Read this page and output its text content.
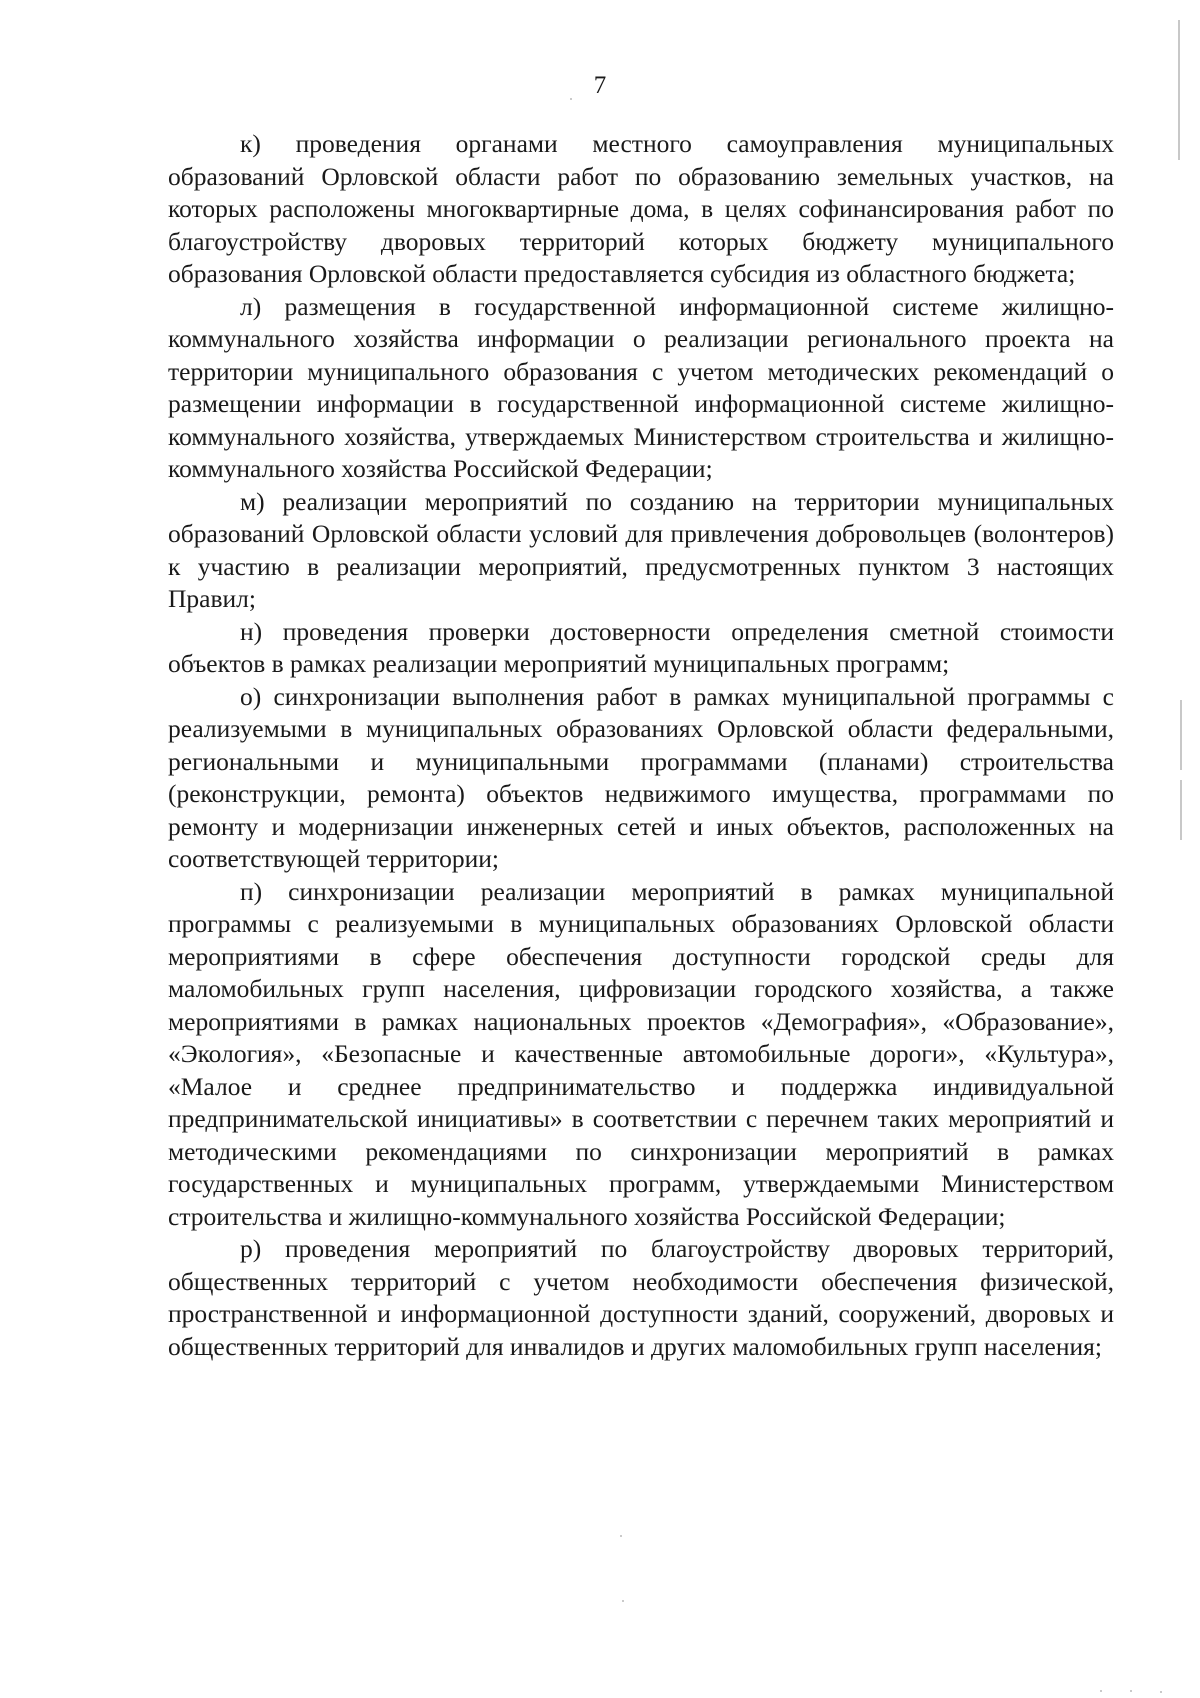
7

к) проведения органами местного самоуправления муниципальных образований Орловской области работ по образованию земельных участков, на которых расположены многоквартирные дома, в целях софинансирования работ по благоустройству дворовых территорий которых бюджету муниципального образования Орловской области предоставляется субсидия из областного бюджета;

л) размещения в государственной информационной системе жилищно-коммунального хозяйства информации о реализации регионального проекта на территории муниципального образования с учетом методических рекомендаций о размещении информации в государственной информационной системе жилищно-коммунального хозяйства, утверждаемых Министерством строительства и жилищно-коммунального хозяйства Российской Федерации;

м) реализации мероприятий по созданию на территории муниципальных образований Орловской области условий для привлечения добровольцев (волонтеров) к участию в реализации мероприятий, предусмотренных пунктом 3 настоящих Правил;

н) проведения проверки достоверности определения сметной стоимости объектов в рамках реализации мероприятий муниципальных программ;

о) синхронизации выполнения работ в рамках муниципальной программы с реализуемыми в муниципальных образованиях Орловской области федеральными, региональными и муниципальными программами (планами) строительства (реконструкции, ремонта) объектов недвижимого имущества, программами по ремонту и модернизации инженерных сетей и иных объектов, расположенных на соответствующей территории;

п) синхронизации реализации мероприятий в рамках муниципальной программы с реализуемыми в муниципальных образованиях Орловской области мероприятиями в сфере обеспечения доступности городской среды для маломобильных групп населения, цифровизации городского хозяйства, а также мероприятиями в рамках национальных проектов «Демография», «Образование», «Экология», «Безопасные и качественные автомобильные дороги», «Культура», «Малое и среднее предпринимательство и поддержка индивидуальной предпринимательской инициативы» в соответствии с перечнем таких мероприятий и методическими рекомендациями по синхронизации мероприятий в рамках государственных и муниципальных программ, утверждаемыми Министерством строительства и жилищно-коммунального хозяйства Российской Федерации;

р) проведения мероприятий по благоустройству дворовых территорий, общественных территорий с учетом необходимости обеспечения физической, пространственной и информационной доступности зданий, сооружений, дворовых и общественных территорий для инвалидов и других маломобильных групп населения;
